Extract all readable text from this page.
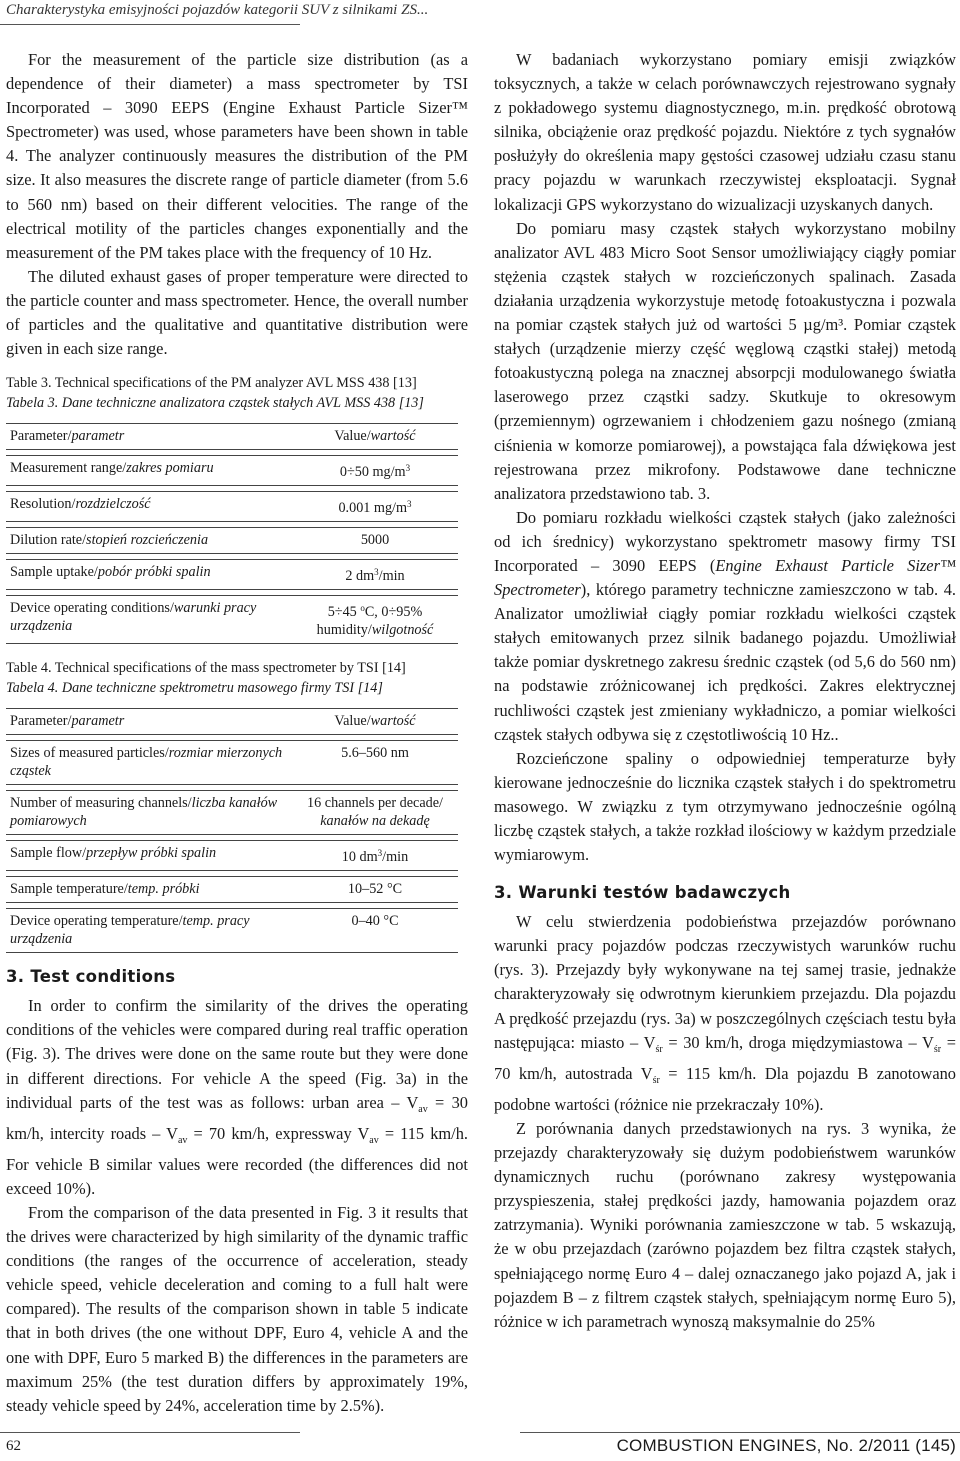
Charakterystyka emisyjności pojazdów kategorii SUV z silnikami ZS...

For the measurement of the particle size distribution (as a dependence of their diameter) a mass spectrometer by TSI Incorporated – 3090 EEPS (Engine Exhaust Particle Sizer™ Spectrometer) was used, whose parameters have been shown in table 4. The analyzer continuously measures the distribution of the PM size. It also measures the discrete range of particle diameter (from 5.6 to 560 nm) based on their different velocities. The range of the electrical motility of the particles changes exponentially and the measurement of the PM takes place with the frequency of 10 Hz.

The diluted exhaust gases of proper temperature were directed to the particle counter and mass spectrometer. Hence, the overall number of particles and the qualitative and quantitative distribution were given in each size range.

Table 3. Technical specifications of the PM analyzer AVL MSS 438 [13]
Tabela 3. Dane techniczne analizatora cząstek stałych AVL MSS 438 [13]
Parameter/parametr	Value/wartość

Measurement range/zakres pomiaru	0÷50 $mg/m^3$

Resolution/rozdzielczość	0.001 $mg/m^3$

Dilution rate/stopień rozcieńczenia	5000

Sample uptake/pobór próbki spalin	2 $dm^3/\min$

Device operating conditions/warunki pracy urządzenia	5÷45 $^o$C, 0÷95%
humidity/wilgotność
Table 4. Technical specifications of the mass spectrometer by TSI [14]
Tabela 4. Dane techniczne spektrometru masowego firmy TSI [14]
Parameter/parametr	Value/wartość

Sizes of measured particles/rozmiar mierzonych cząstek	5.6–560 nm

Number of measuring channels/liczba kanałów pomiarowych	16 channels per decade/
kanałów na dekadę

Sample flow/przepływ próbki spalin	10 $dm^3/\min$

Sample temperature/temp. próbki	10–52 °C

Device operating temperature/temp. pracy urządzenia	0–40 °C
3. Test conditions

In order to confirm the similarity of the drives the operating conditions of the vehicles were compared during real traffic operation (Fig. 3). The drives were done on the same route but they were done in different directions. For vehicle A the speed (Fig. 3a) in the individual parts of the test was as follows: urban area – $V_{av} = 30$ km/h, intercity roads – $V_{av} = 70$ km/h, expressway $V_{av} = 115$ km/h. For vehicle B similar values were recorded (the differences did not exceed 10%).

From the comparison of the data presented in Fig. 3 it results that the drives were characterized by high similarity of the dynamic traffic conditions (the ranges of the occurrence of acceleration, steady vehicle speed, vehicle deceleration and coming to a full halt were compared). The results of the comparison shown in table 5 indicate that in both drives (the one without DPF, Euro 4, vehicle A and the one with DPF, Euro 5 marked B) the differences in the parameters are maximum 25% (the test duration differs by approximately 19%, steady vehicle speed by 24%, acceleration time by 2.5%).

W badaniach wykorzystano pomiary emisji związków toksycznych, a także w celach porównawczych rejestrowano sygnały z pokładowego systemu diagnostycznego, m.in. prędkość obrotową silnika, obciążenie oraz prędkość pojazdu. Niektóre z tych sygnałów posłużyły do określenia mapy gęstości czasowej udziału czasu stanu pracy pojazdu w warunkach rzeczywistej eksploatacji. Sygnał lokalizacji GPS wykorzystano do wizualizacji uzyskanych danych.

Do pomiaru masy cząstek stałych wykorzystano mobilny analizator AVL 483 Micro Soot Sensor umożliwiający ciągły pomiar stężenia cząstek stałych w rozcieńczonych spalinach. Zasada działania urządzenia wykorzystuje metodę fotoakustyczna i pozwala na pomiar cząstek stałych już od wartości 5 µg/m³. Pomiar cząstek stałych (urządzenie mierzy część węglową cząstki stałej) metodą fotoakustyczną polega na znacznej absorpcji modulowanego światła laserowego przez cząstki sadzy. Skutkuje to okresowym (przemiennym) ogrzewaniem i chłodzeniem gazu nośnego (zmianą ciśnienia w komorze pomiarowej), a powstająca fala dźwiękowa jest rejestrowana przez mikrofony. Podstawowe dane techniczne analizatora przedstawiono tab. 3.

Do pomiaru rozkładu wielkości cząstek stałych (jako zależności od ich średnicy) wykorzystano spektrometr masowy firmy TSI Incorporated – 3090 EEPS (Engine Exhaust Particle Sizer™ Spectrometer), którego parametry techniczne zamieszczono w tab. 4. Analizator umożliwiał ciągły pomiar rozkładu wielkości cząstek stałych emitowanych przez silnik badanego pojazdu. Umożliwiał także pomiar dyskretnego zakresu średnic cząstek (od 5,6 do 560 nm) na podstawie zróżnicowanej ich prędkości. Zakres elektrycznej ruchliwości cząstek jest zmieniany wykładniczo, a pomiar wielkości cząstek stałych odbywa się z częstotliwością 10 Hz..

Rozcieńczone spaliny o odpowiedniej temperaturze były kierowane jednocześnie do licznika cząstek stałych i do spektrometru masowego. W związku z tym otrzymywano jednocześnie ogólną liczbę cząstek stałych, a także rozkład ilościowy w każdym przedziale wymiarowym.

3. Warunki testów badawczych

W celu stwierdzenia podobieństwa przejazdów porównano warunki pracy pojazdów podczas rzeczywistych warunków ruchu (rys. 3). Przejazdy były wykonywane na tej samej trasie, jednakże charakteryzowały się odwrotnym kierunkiem przejazdu. Dla pojazdu A prędkość przejazdu (rys. 3a) w poszczególnych częściach testu była następująca: miasto – $V_{śr} = 30$ km/h, droga międzymiastowa – $V_{śr} = 70$ km/h, autostrada $V_{śr} = 115$ km/h. Dla pojazdu B zanotowano podobne wartości (różnice nie przekraczały 10%).

Z porównania danych przedstawionych na rys. 3 wynika, że przejazdy charakteryzowały się dużym podobieństwem warunków dynamicznych ruchu (porównano zakresy występowania przyspieszenia, stałej prędkości jazdy, hamowania pojazdem oraz zatrzymania). Wyniki porównania zamieszczone w tab. 5 wskazują, że w obu przejazdach (zarówno pojazdem bez filtra cząstek stałych, spełniającego normę Euro 4 – dalej oznaczanego jako pojazd A, jak i pojazdem B – z filtrem cząstek stałych, spełniającym normę Euro 5), różnice w ich parametrach wynoszą maksymalnie do 25%

62	COMBUSTION ENGINES, No. 2/2011 (145)
